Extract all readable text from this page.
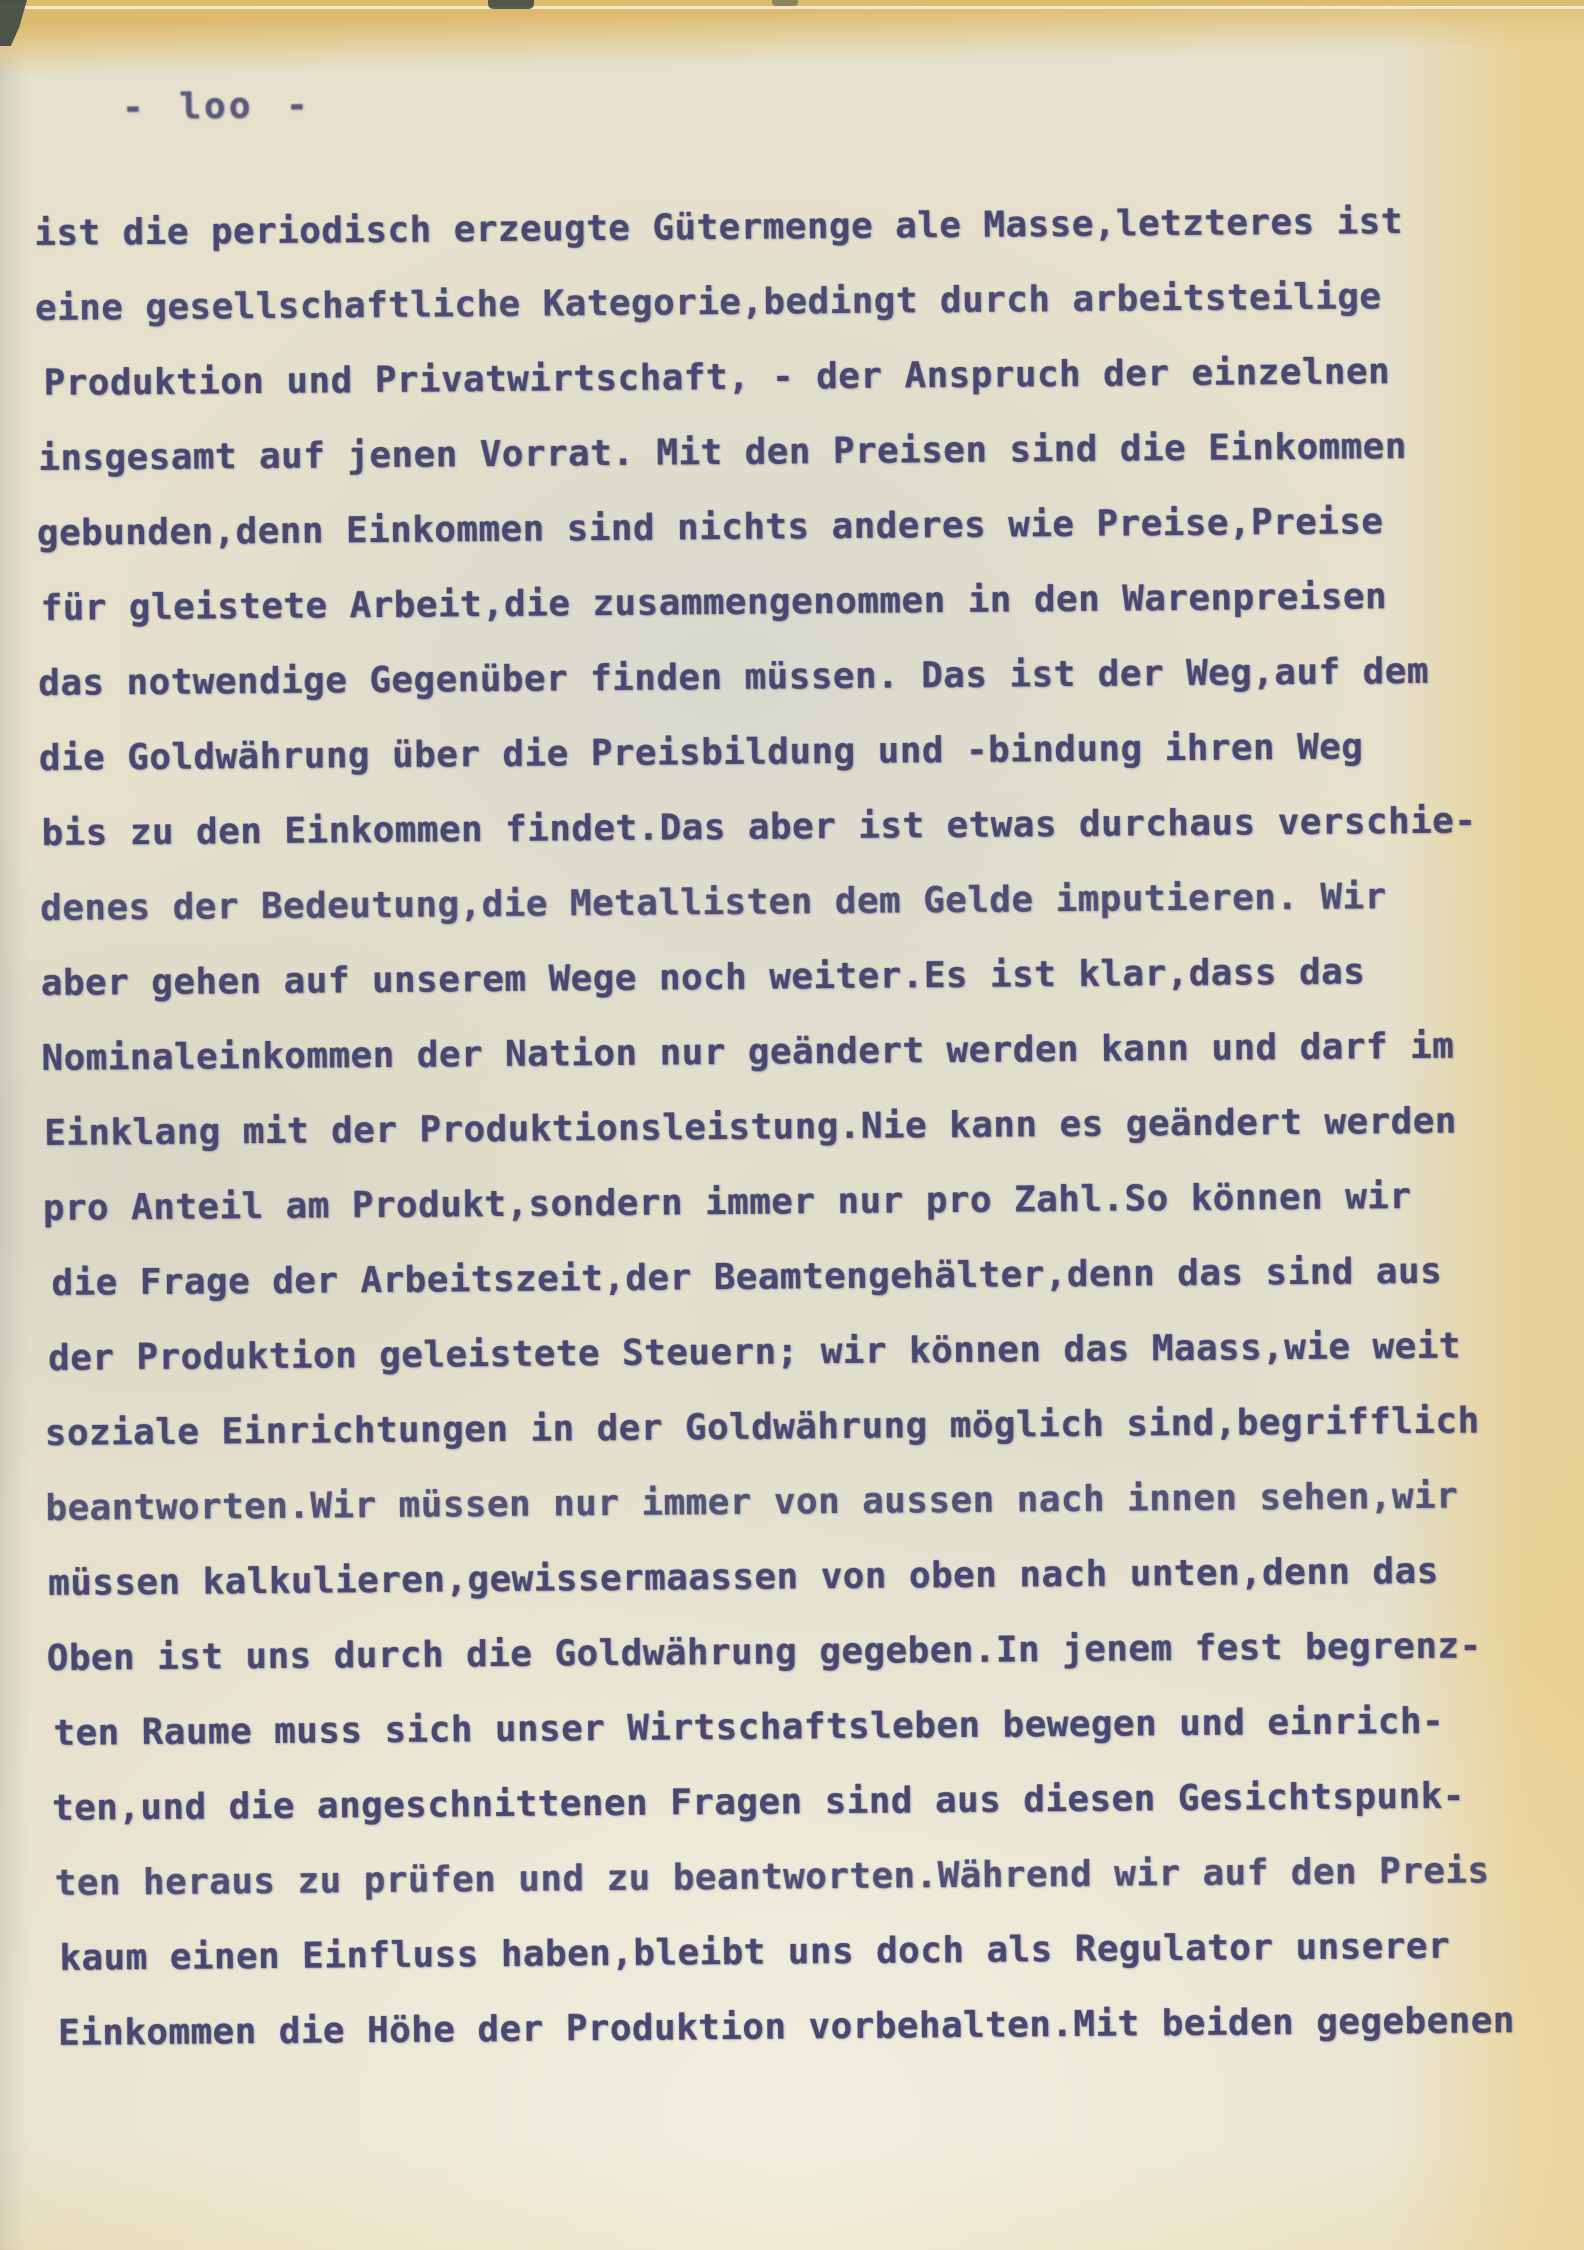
- loo -
ist die periodisch erzeugte Gütermenge ale Masse,letzteres ist
eine gesellschaftliche Kategorie,bedingt durch arbeitsteilige
Produktion und Privatwirtschaft, - der Anspruch der einzelnen
insgesamt auf jenen Vorrat. Mit den Preisen sind die Einkommen
gebunden,denn Einkommen sind nichts anderes wie Preise,Preise
für gleistete Arbeit,die zusammengenommen in den Warenpreisen
das notwendige Gegenüber finden müssen. Das ist der Weg,auf dem
die Goldwährung über die Preisbildung und -bindung ihren Weg
bis zu den Einkommen findet.Das aber ist etwas durchaus verschie-
denes der Bedeutung,die Metallisten dem Gelde imputieren. Wir
aber gehen auf unserem Wege noch weiter.Es ist klar,dass das
Nominaleinkommen der Nation nur geändert werden kann und darf im
Einklang mit der Produktionsleistung.Nie kann es geändert werden
pro Anteil am Produkt,sondern immer nur pro Zahl.So können wir
die Frage der Arbeitszeit,der Beamtengehälter,denn das sind aus
der Produktion geleistete Steuern; wir können das Maass,wie weit
soziale Einrichtungen in der Goldwährung möglich sind,begrifflich
beantworten.Wir müssen nur immer von aussen nach innen sehen,wir
müssen kalkulieren,gewissermaassen von oben nach unten,denn das
Oben ist uns durch die Goldwährung gegeben.In jenem fest begrenz-
ten Raume muss sich unser Wirtschaftsleben bewegen und einrich-
ten,und die angeschnittenen Fragen sind aus diesen Gesichtspunk-
ten heraus zu prüfen und zu beantworten.Während wir auf den Preis
kaum einen Einfluss haben,bleibt uns doch als Regulator unserer
Einkommen die Höhe der Produktion vorbehalten.Mit beiden gegebenen
